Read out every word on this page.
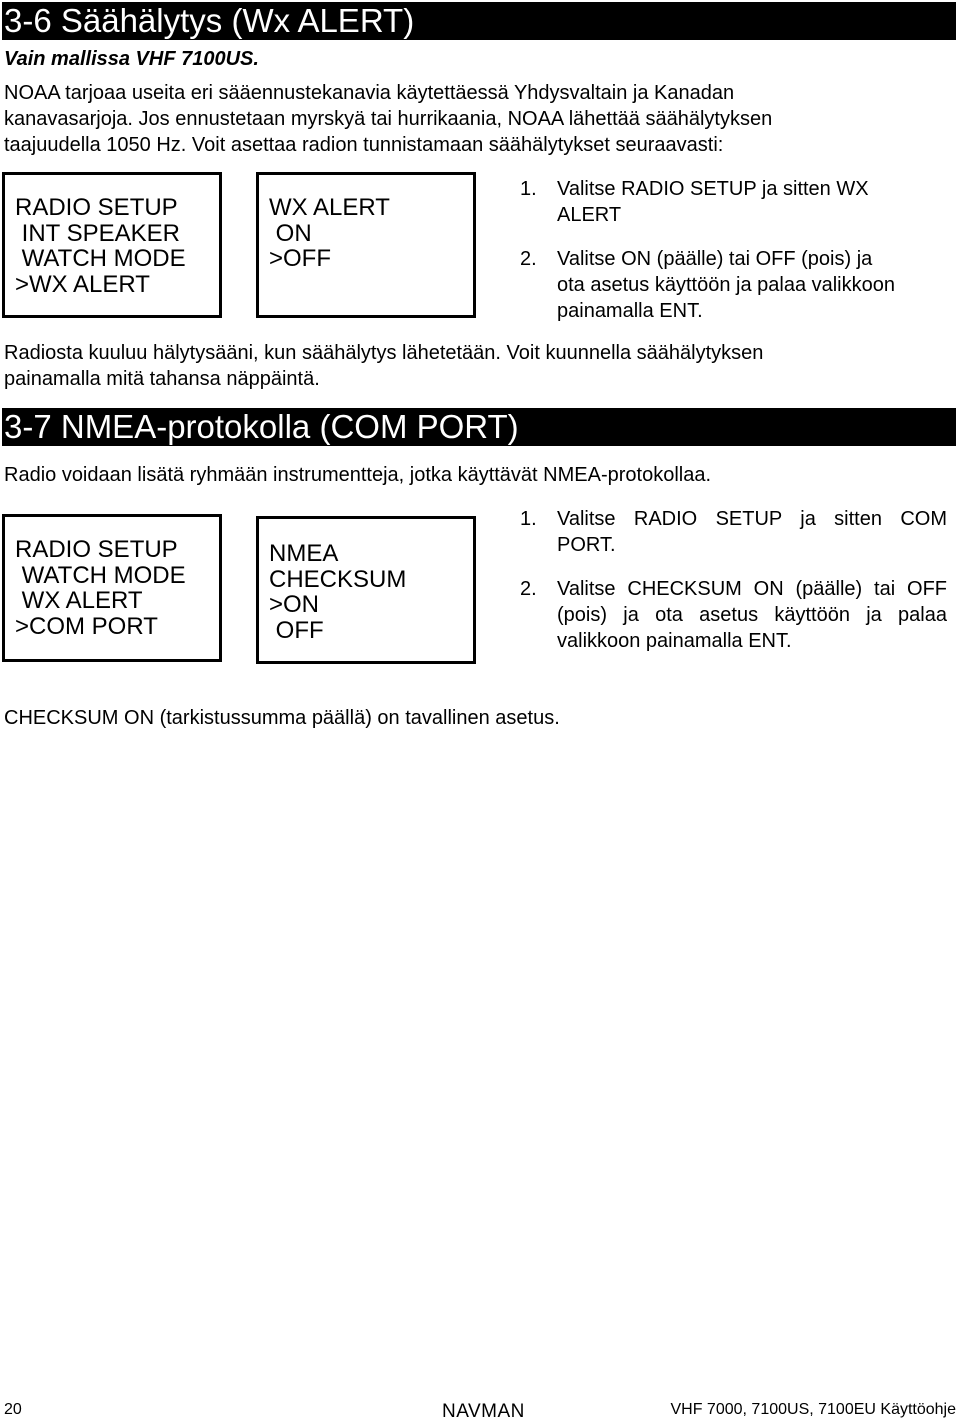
3-6 Säähälytys (Wx ALERT)
Vain mallissa VHF 7100US.
NOAA tarjoaa useita eri sääennustekanavia käytettäessä Yhdysvaltain ja Kanadan
kanavasarjoja. Jos ennustetaan myrskyä tai hurrikaania, NOAA lähettää säähälytyksen
taajuudella 1050 Hz. Voit asettaa radion tunnistamaan säähälytykset seuraavasti:
RADIO SETUP
INT SPEAKER
WATCH MODE
>WX ALERT
WX ALERT
ON
>OFF
1.	Valitse RADIO SETUP ja sitten WX
ALERT
2.	Valitse ON (päälle) tai OFF (pois) ja
ota asetus käyttöön ja palaa valikkoon
painamalla ENT.
Radiosta kuuluu hälytysääni, kun säähälytys lähetetään. Voit kuunnella säähälytyksen
painamalla mitä tahansa näppäintä.
3-7 NMEA-protokolla (COM PORT)
Radio voidaan lisätä ryhmään instrumentteja, jotka käyttävät NMEA-protokollaa.
RADIO SETUP
WATCH MODE
WX ALERT
>COM PORT
NMEA
CHECKSUM
>ON
OFF
1.	Valitse RADIO SETUP ja sitten COM PORT.
2.	Valitse CHECKSUM ON (päälle) tai OFF (pois) ja ota asetus käyttöön ja palaa valikkoon painamalla ENT.
CHECKSUM ON (tarkistussumma päällä) on tavallinen asetus.
20	NAVMAN	VHF 7000, 7100US, 7100EU Käyttöohje
